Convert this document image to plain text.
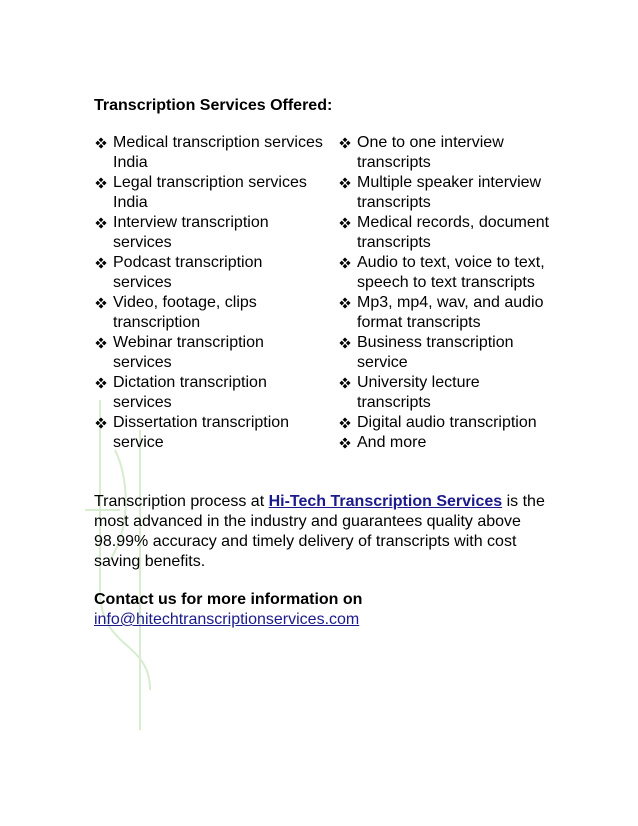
Transcription Services Offered:

Medical transcription services India
Legal transcription services India
Interview transcription services
Podcast transcription services
Video, footage, clips transcription
Webinar transcription services
Dictation transcription services
Dissertation transcription service
One to one interview transcripts
Multiple speaker interview transcripts
Medical records, document transcripts
Audio to text, voice to text, speech to text transcripts
Mp3, mp4, wav, and audio format transcripts
Business transcription service
University lecture transcripts
Digital audio transcription
And more

Transcription process at Hi-Tech Transcription Services is the most advanced in the industry and guarantees quality above 98.99% accuracy and timely delivery of transcripts with cost saving benefits.

Contact us for more information on
info@hitechtranscriptionservices.com
